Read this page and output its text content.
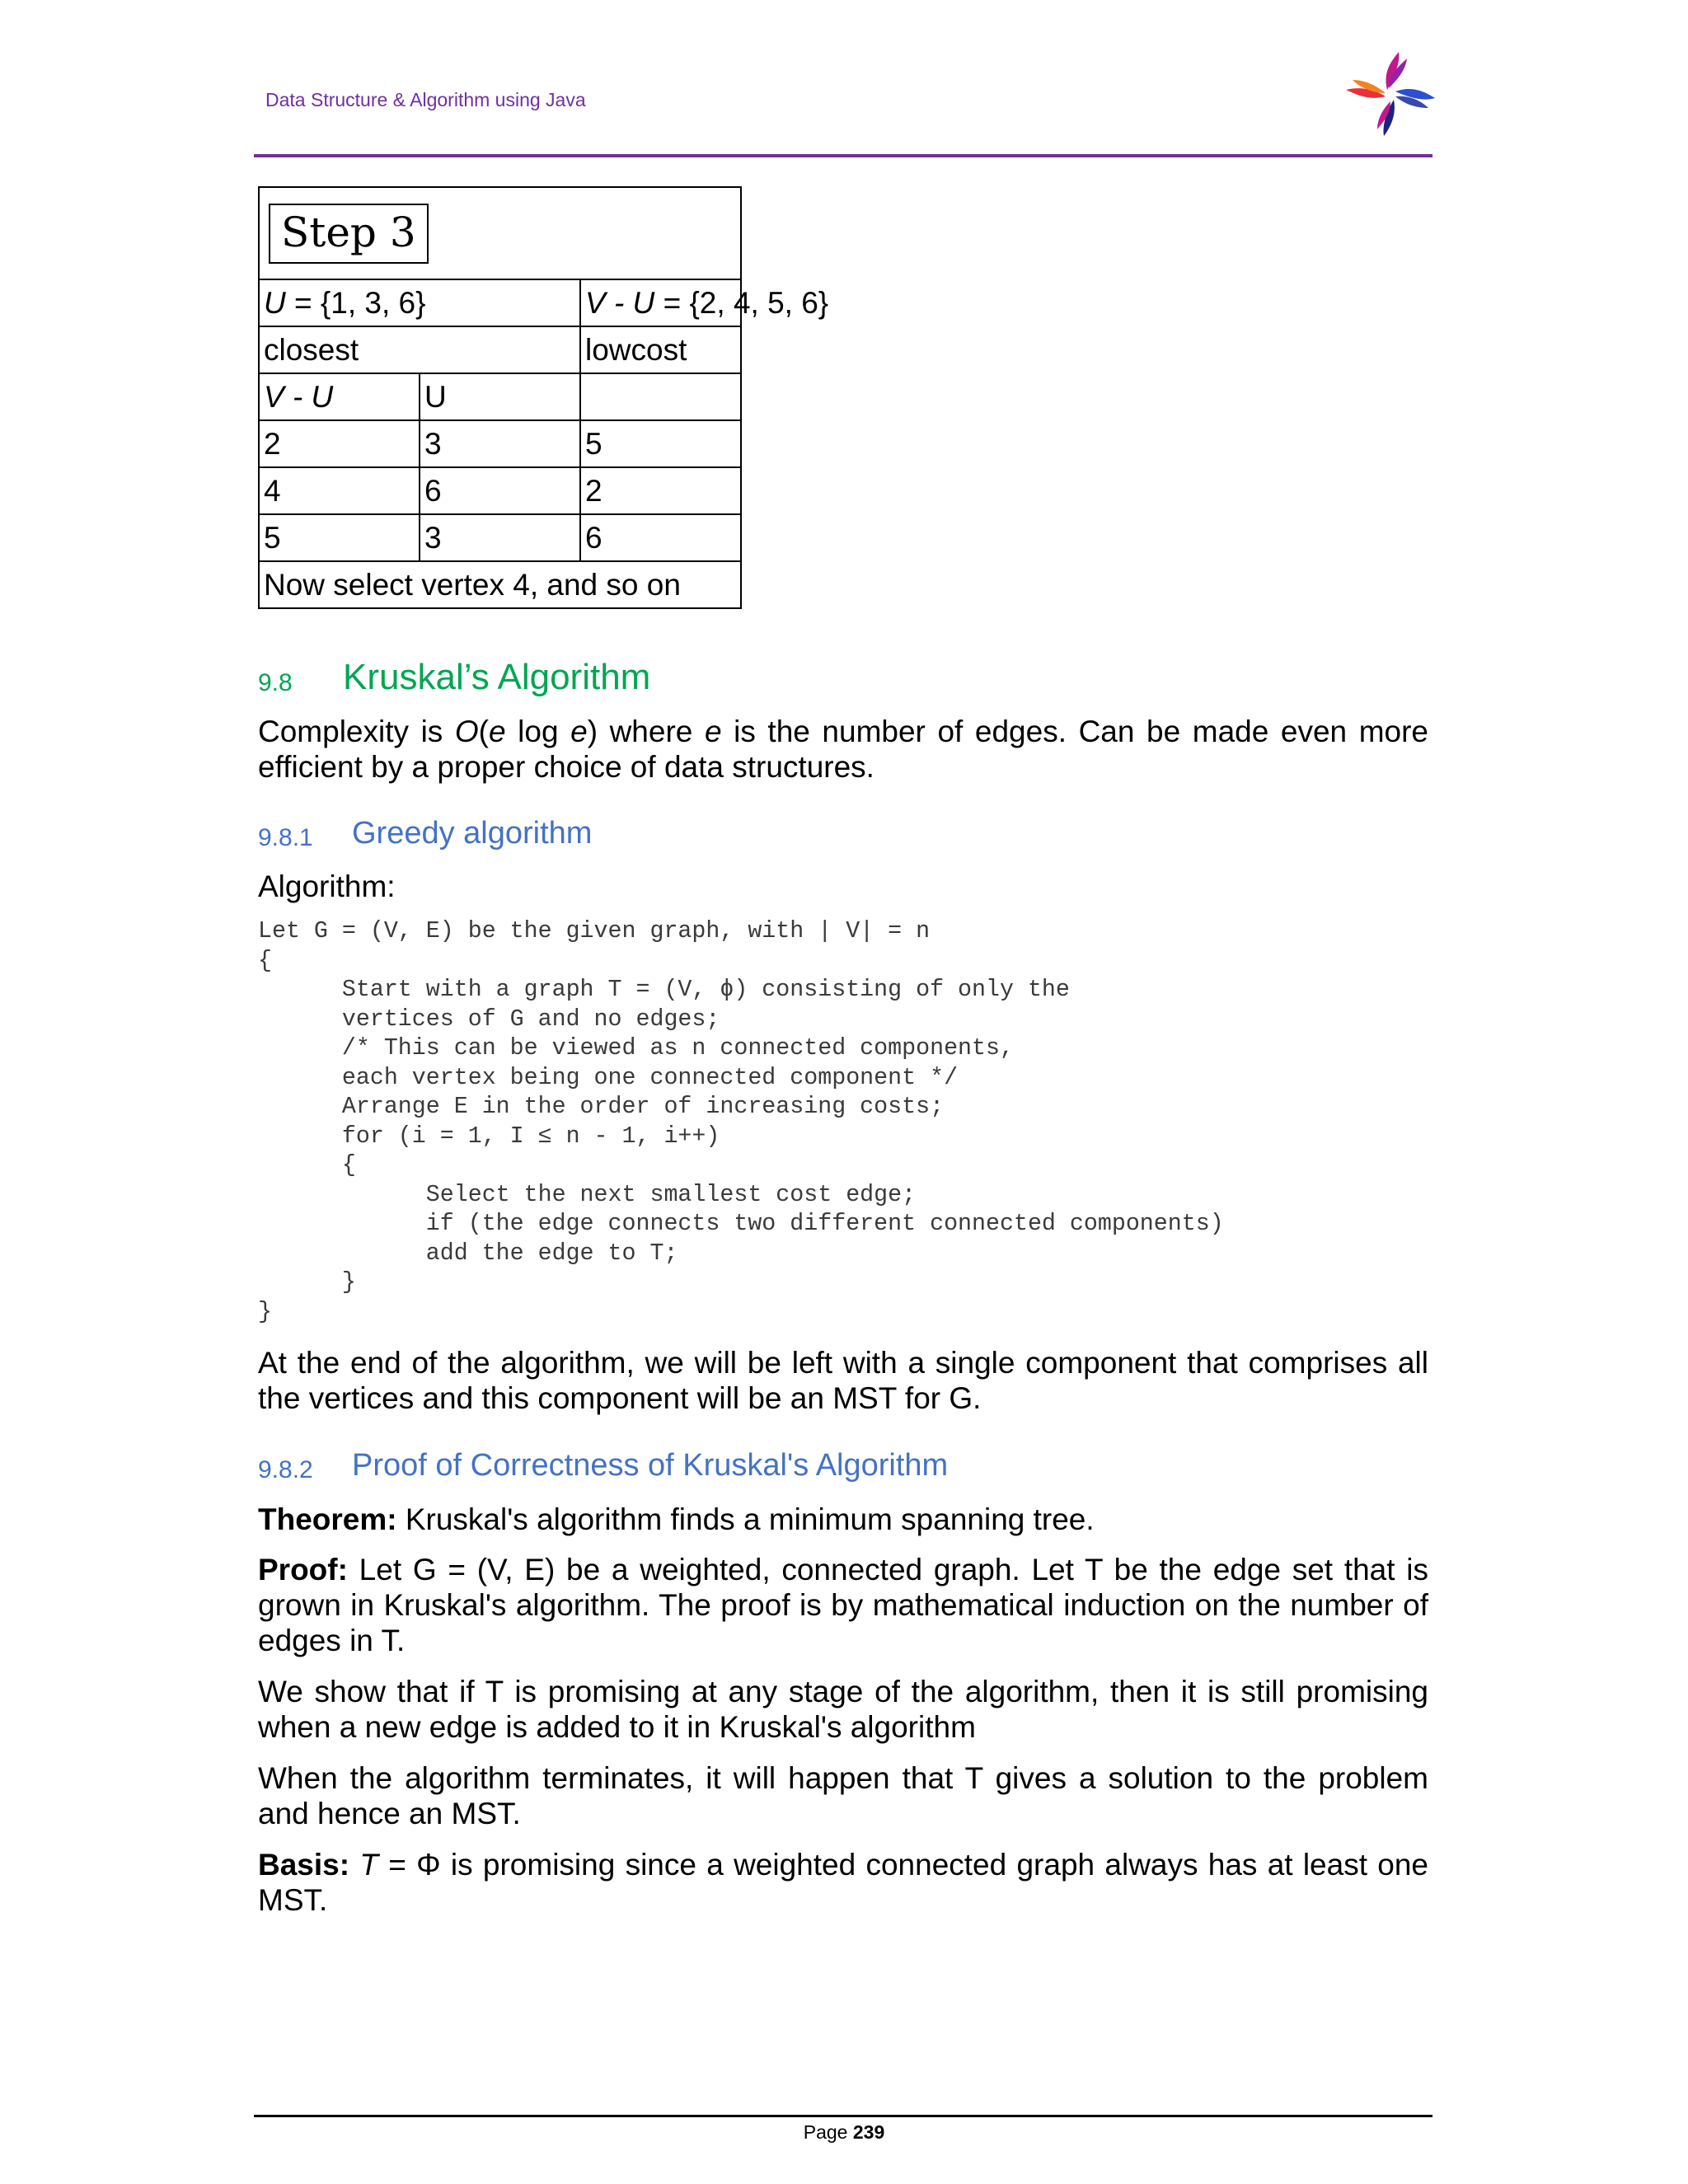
Data Structure & Algorithm using Java
Step 3		
U = {1, 3, 6}		V - U = {2, 4, 5, 6}
closest		lowcost
V - U	U	
2	3	5
4	6	2
5	3	6
Now select vertex 4, and so on		
9.8 Kruskal’s Algorithm

Complexity is O(e log e) where e is the number of edges. Can be made even more efficient by a proper choice of data structures.

9.8.1 Greedy algorithm

Algorithm:

Let G = (V, E) be the given graph, with | V| = n
{
Start with a graph T = (V, ϕ) consisting of only the
vertices of G and no edges;
/* This can be viewed as n connected components,
each vertex being one connected component */
Arrange E in the order of increasing costs;
for (i = 1, I ≤ n - 1, i++)
{
Select the next smallest cost edge;
if (the edge connects two different connected components)
add the edge to T;
}
}

At the end of the algorithm, we will be left with a single component that comprises all the vertices and this component will be an MST for G.

9.8.2 Proof of Correctness of Kruskal's Algorithm

Theorem: Kruskal's algorithm finds a minimum spanning tree.

Proof: Let G = (V, E) be a weighted, connected graph. Let T be the edge set that is grown in Kruskal's algorithm. The proof is by mathematical induction on the number of edges in T.

We show that if T is promising at any stage of the algorithm, then it is still promising when a new edge is added to it in Kruskal's algorithm

When the algorithm terminates, it will happen that T gives a solution to the problem and hence an MST.

Basis: T = Φ is promising since a weighted connected graph always has at least one MST.

Page 239
